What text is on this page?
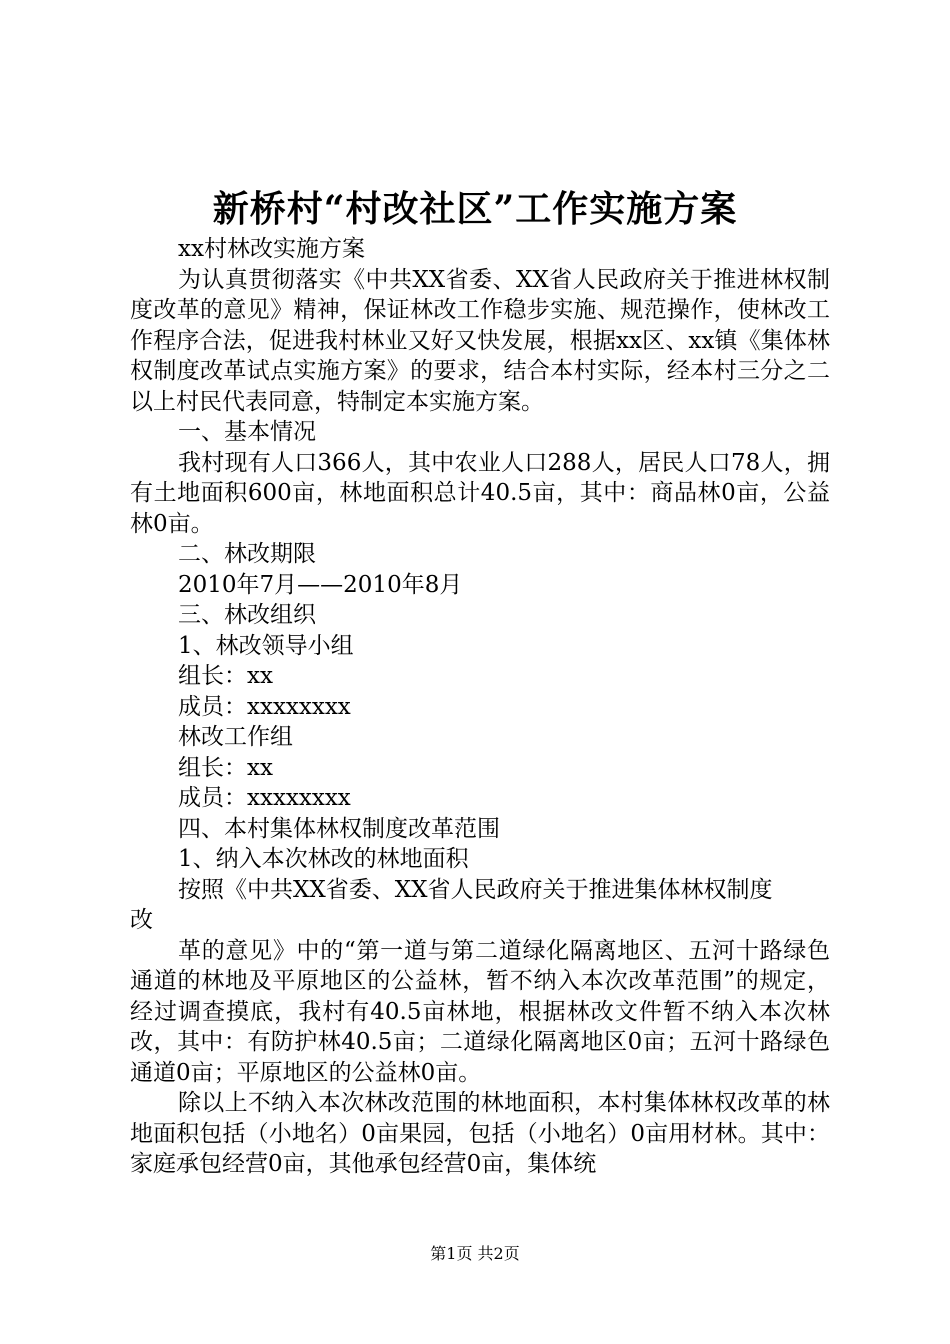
新桥村“村改社区”工作实施方案

xx村林改实施方案

为认真贯彻落实《中共XX省委、XX省人民政府关于推进林权制度改革的意见》精神，保证林改工作稳步实施、规范操作，使林改工作程序合法，促进我村林业又好又快发展，根据xx区、xx镇《集体林权制度改革试点实施方案》的要求，结合本村实际，经本村三分之二以上村民代表同意，特制定本实施方案。

一、基本情况

我村现有人口366人，其中农业人口288人，居民人口78人，拥有土地面积600亩，林地面积总计40.5亩，其中：商品林0亩，公益林0亩。

二、林改期限

2010年7月——2010年8月

三、林改组织

1、林改领导小组

组长：xx

成员：xxxxxxxx

林改工作组

组长：xx

成员：xxxxxxxx

四、本村集体林权制度改革范围

1、纳入本次林改的林地面积

按照《中共XX省委、XX省人民政府关于推进集体林权制度

改

革的意见》中的“第一道与第二道绿化隔离地区、五河十路绿色通道的林地及平原地区的公益林，暂不纳入本次改革范围”的规定，经过调查摸底，我村有40.5亩林地，根据林改文件暂不纳入本次林改，其中：有防护林40.5亩；二道绿化隔离地区0亩；五河十路绿色通道0亩；平原地区的公益林0亩。

除以上不纳入本次林改范围的林地面积，本村集体林权改革的林地面积包括（小地名）0亩果园，包括（小地名）0亩用材林。其中：家庭承包经营0亩，其他承包经营0亩，集体统

第1页 共2页
